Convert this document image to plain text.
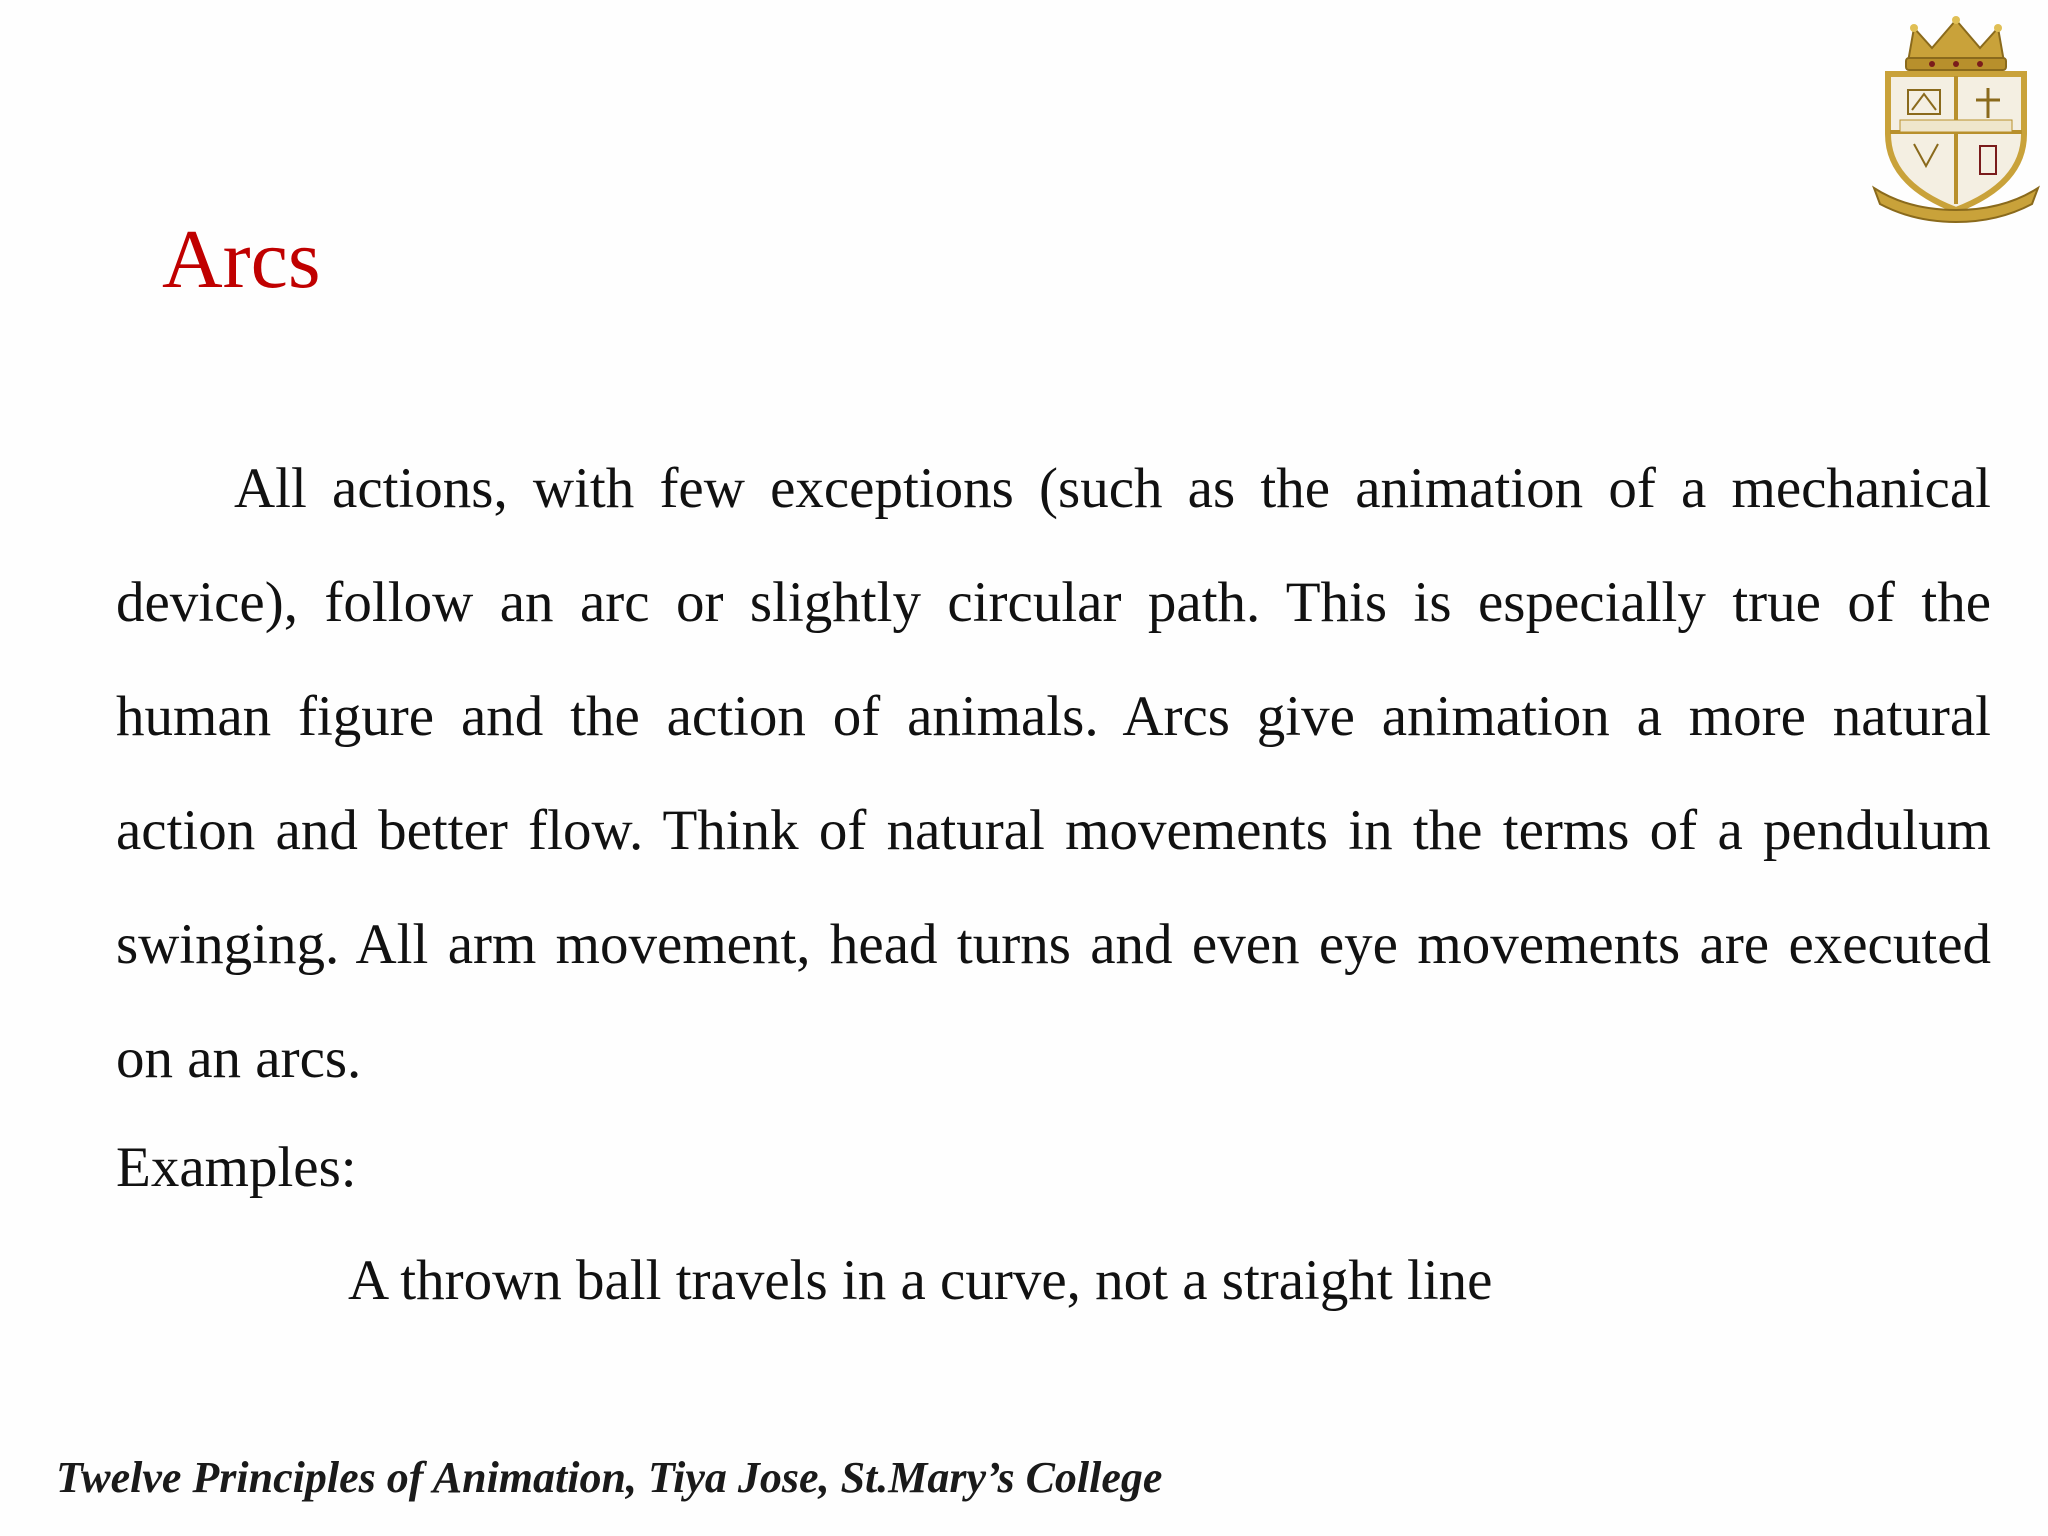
Arcs

All actions, with few exceptions (such as the animation of a mechanical device), follow an arc or slightly circular path. This is especially true of the human figure and the action of animals. Arcs give animation a more natural action and better flow. Think of natural movements in the terms of a pendulum swinging. All arm movement, head turns and even eye movements are executed on an arcs.

Examples:

A thrown ball travels in a curve, not a straight line

Twelve Principles of Animation, Tiya Jose, St.Mary’s College
